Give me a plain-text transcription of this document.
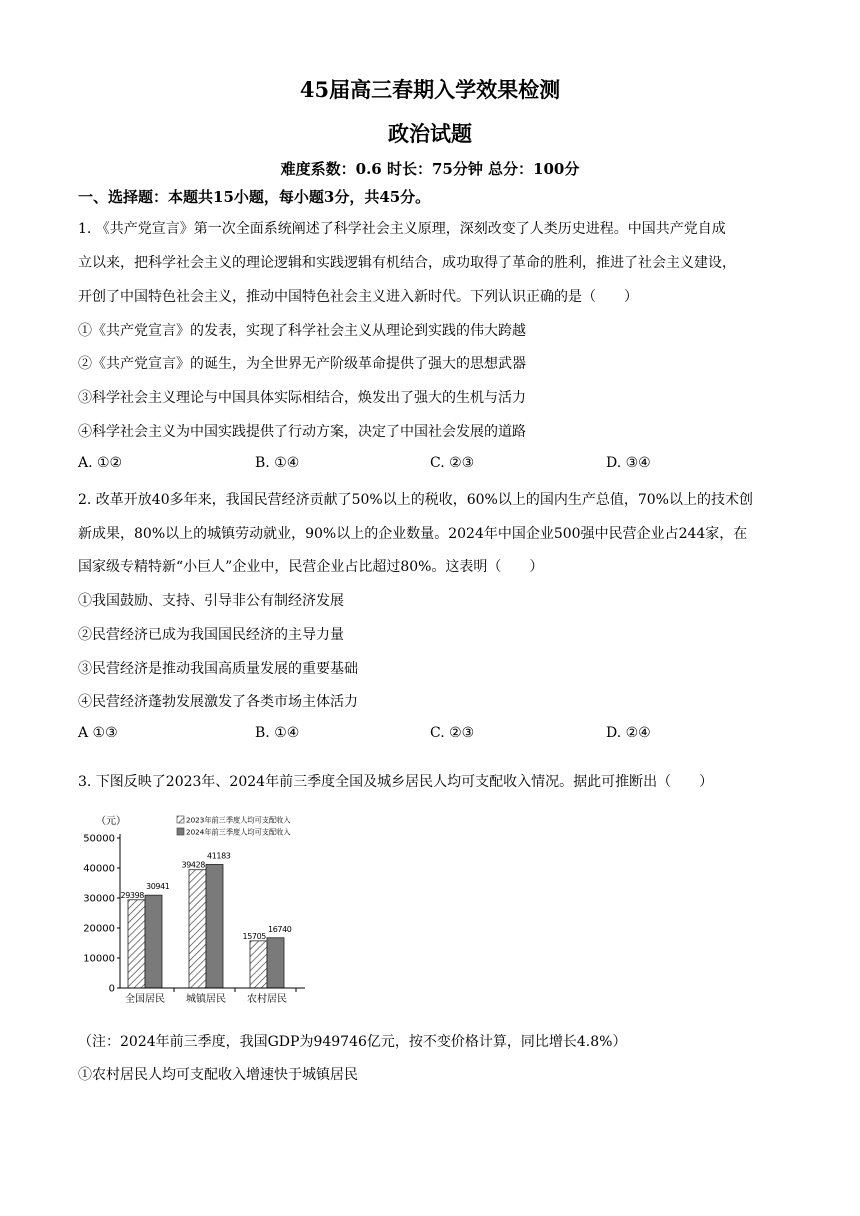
45届高三春期入学效果检测
政治试题
难度系数：0.6 时长：75分钟 总分：100分
一、选择题：本题共15小题，每小题3分，共45分。
1. 《共产党宣言》第一次全面系统阐述了科学社会主义原理，深刻改变了人类历史进程。中国共产党自成
立以来，把科学社会主义的理论逻辑和实践逻辑有机结合，成功取得了革命的胜利，推进了社会主义建设，
开创了中国特色社会主义，推动中国特色社会主义进入新时代。下列认识正确的是（　　）
①《共产党宣言》的发表，实现了科学社会主义从理论到实践的伟大跨越
②《共产党宣言》的诞生，为全世界无产阶级革命提供了强大的思想武器
③科学社会主义理论与中国具体实际相结合，焕发出了强大的生机与活力
④科学社会主义为中国实践提供了行动方案，决定了中国社会发展的道路
A. ①②	B. ①④	C. ②③	D. ③④
2. 改革开放40多年来，我国民营经济贡献了50%以上的税收，60%以上的国内生产总值，70%以上的技术创
新成果，80%以上的城镇劳动就业，90%以上的企业数量。2024年中国企业500强中民营企业占244家，在
国家级专精特新“小巨人”企业中，民营企业占比超过80%。这表明（　　）
①我国鼓励、支持、引导非公有制经济发展
②民营经济已成为我国国民经济的主导力量
③民营经济是推动我国高质量发展的重要基础
④民营经济蓬勃发展激发了各类市场主体活力
A ①③	B. ①④	C. ②③	D. ②④
3. 下图反映了2023年、2024年前三季度全国及城乡居民人均可支配收入情况。据此可推断出（　　）
（元）	2023年前三季度人均可支配收入
2024年前三季度人均可支配收入
50000
40000
30000
20000
10000
0
29398
30941
39428
41183
15705
16740
全国居民 城镇居民 农村居民
（注：2024年前三季度，我国GDP为949746亿元，按不变价格计算，同比增长4.8%）
①农村居民人均可支配收入增速快于城镇居民
